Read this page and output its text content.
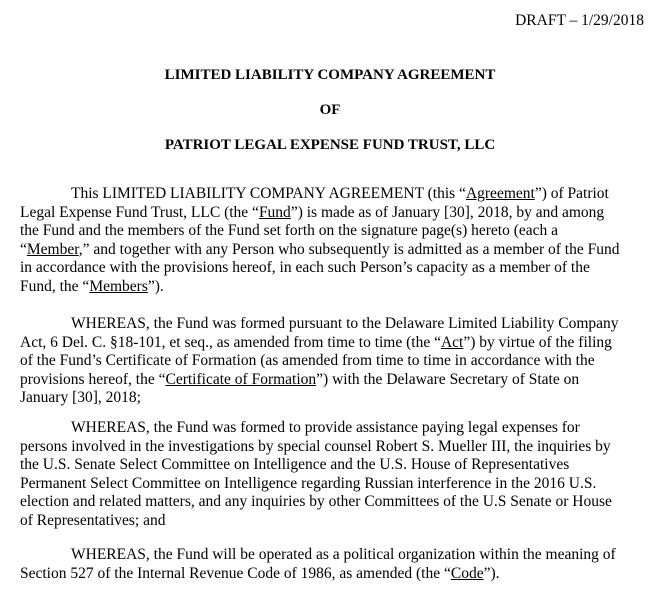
DRAFT – 1/29/2018
LIMITED LIABILITY COMPANY AGREEMENT
OF
PATRIOT LEGAL EXPENSE FUND TRUST, LLC
This LIMITED LIABILITY COMPANY AGREEMENT (this “Agreement”) of Patriot
Legal Expense Fund Trust, LLC (the “Fund”) is made as of January [30], 2018, by and among
the Fund and the members of the Fund set forth on the signature page(s) hereto (each a
“Member,” and together with any Person who subsequently is admitted as a member of the Fund
in accordance with the provisions hereof, in each such Person’s capacity as a member of the
Fund, the “Members”).
WHEREAS, the Fund was formed pursuant to the Delaware Limited Liability Company
Act, 6 Del. C. §18-101, et seq., as amended from time to time (the “Act”) by virtue of the filing
of the Fund’s Certificate of Formation (as amended from time to time in accordance with the
provisions hereof, the “Certificate of Formation”) with the Delaware Secretary of State on
January [30], 2018;
WHEREAS, the Fund was formed to provide assistance paying legal expenses for
persons involved in the investigations by special counsel Robert S. Mueller III, the inquiries by
the U.S. Senate Select Committee on Intelligence and the U.S. House of Representatives
Permanent Select Committee on Intelligence regarding Russian interference in the 2016 U.S.
election and related matters, and any inquiries by other Committees of the U.S Senate or House
of Representatives; and
WHEREAS, the Fund will be operated as a political organization within the meaning of
Section 527 of the Internal Revenue Code of 1986, as amended (the “Code”).
